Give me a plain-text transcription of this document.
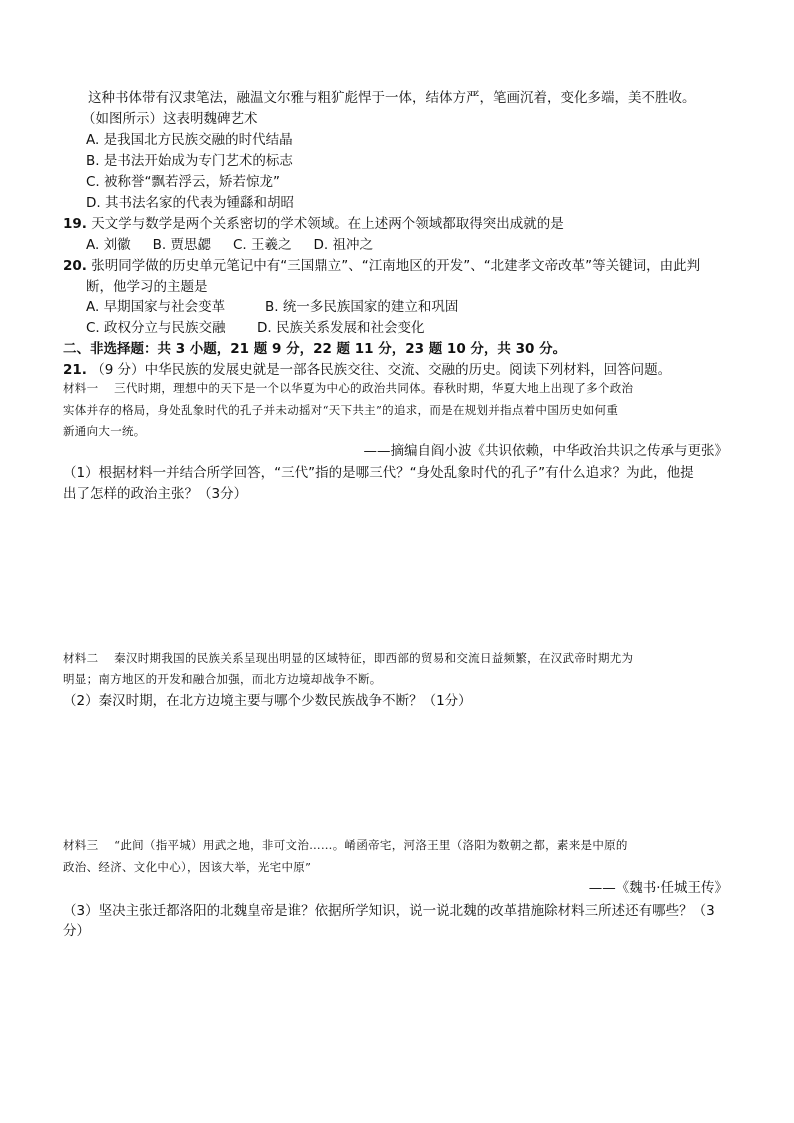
这种书体带有汉隶笔法，融温文尔雅与粗犷彪悍于一体，结体方严，笔画沉着，变化多端，美不胜收。
（如图所示）这表明魏碑艺术
A. 是我国北方民族交融的时代结晶
B. 是书法开始成为专门艺术的标志
C. 被称誉“飘若浮云，矫若惊龙”
D. 其书法名家的代表为锺繇和胡昭
19. 天文学与数学是两个关系密切的学术领域。在上述两个领域都取得突出成就的是
A. 刘徽 B. 贾思勰 C. 王羲之 D. 祖冲之
20. 张明同学做的历史单元笔记中有“三国鼎立”、“江南地区的开发”、“北建孝文帝改革”等关键词，由此判
断，他学习的主题是
A. 早期国家与社会变革	B. 统一多民族国家的建立和巩固
C. 政权分立与民族交融 D. 民族关系发展和社会变化
二、非选择题：共 3 小题，21 题 9 分，22 题 11 分，23 题 10 分，共 30 分。
21. （9 分）中华民族的发展史就是一部各民族交往、交流、交融的历史。阅读下列材料，回答问题。
材料一　 三代时期，理想中的天下是一个以华夏为中心的政治共同体。春秋时期，华夏大地上出现了多个政治
实体并存的格局，身处乱象时代的孔子并未动摇对“天下共主”的追求，而是在规划并指点着中国历史如何重
新通向大一统。
——摘编自阎小波《共识依赖，中华政治共识之传承与更张》
（1）根据材料一并结合所学回答，“三代”指的是哪三代？“身处乱象时代的孔子”有什么追求？为此，他提
出了怎样的政治主张？（3分）
材料二　 秦汉时期我国的民族关系呈现出明显的区域特征，即西部的贸易和交流日益频繁，在汉武帝时期尤为
明显；南方地区的开发和融合加强，而北方边境却战争不断。
（2）秦汉时期，在北方边境主要与哪个少数民族战争不断？（1分）
材料三　 “此间（指平城）用武之地，非可文治……。崤函帝宅，河洛王里（洛阳为数朝之都，素来是中原的
政治、经济、文化中心），因该大举，光宅中原”
——《魏书·任城王传》
（3）坚决主张迁都洛阳的北魏皇帝是谁？依据所学知识，说一说北魏的改革措施除材料三所述还有哪些？（3
分）
